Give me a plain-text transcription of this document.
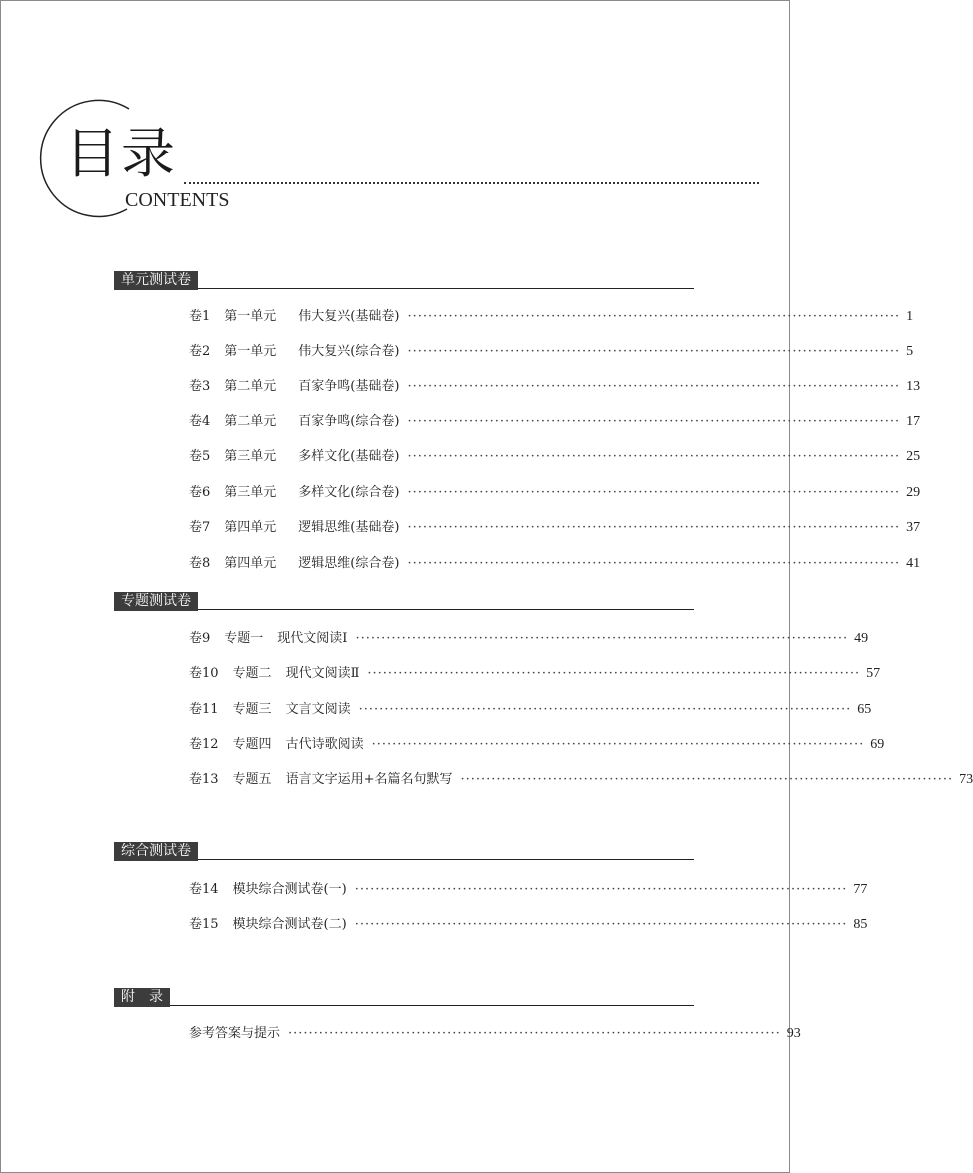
目录
CONTENTS
单元测试卷
卷1 第一单元 伟大复兴(基础卷) ································································································ 1
卷2 第一单元 伟大复兴(综合卷) ································································································ 5
卷3 第二单元 百家争鸣(基础卷) ································································································ 13
卷4 第二单元 百家争鸣(综合卷) ································································································ 17
卷5 第三单元 多样文化(基础卷) ································································································ 25
卷6 第三单元 多样文化(综合卷) ································································································ 29
卷7 第四单元 逻辑思维(基础卷) ································································································ 37
卷8 第四单元 逻辑思维(综合卷) ································································································ 41
专题测试卷
卷9 专题一 现代文阅读Ⅰ ································································································ 49
卷10 专题二 现代文阅读Ⅱ ································································································ 57
卷11 专题三 文言文阅读 ································································································ 65
卷12 专题四 古代诗歌阅读 ································································································ 69
卷13 专题五 语言文字运用+名篇名句默写 ································································································ 73
综合测试卷
卷14 模块综合测试卷(一) ································································································ 77
卷15 模块综合测试卷(二) ································································································ 85
附　录
参考答案与提示 ································································································ 93
